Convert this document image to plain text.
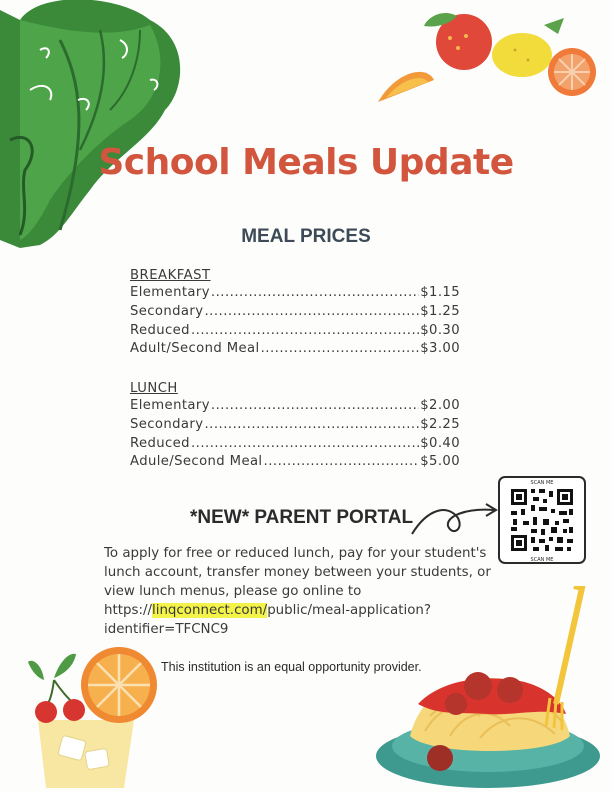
School Meals Update
MEAL PRICES
BREAKFAST
Elementary .....	$1.15
Secondary .....	$1.25
Reduced .....	$0.30
Adult/Second Meal .....	$3.00
LUNCH
Elementary .....	$2.00
Secondary .....	$2.25
Reduced .....	$0.40
Adule/Second Meal .....	$5.00
*NEW* PARENT PORTAL
SCAN ME
SCAN ME
To apply for free or reduced lunch, pay for your student's lunch account, transfer money between your students, or view lunch menus, please go online to https://linqconnect.com/public/meal-application?identifier=TFCNC9
This institution is an equal opportunity provider.
